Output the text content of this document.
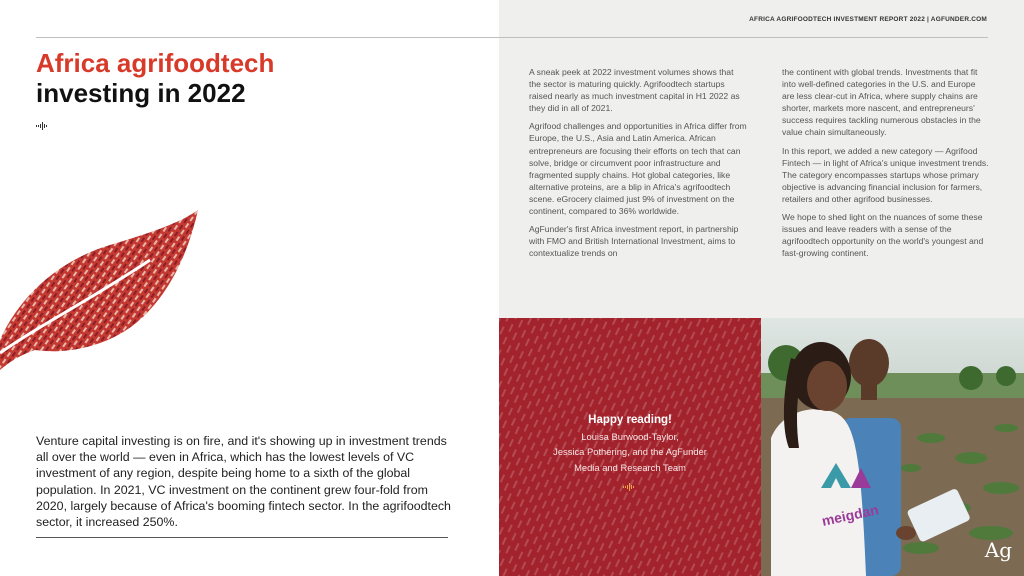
AFRICA AGRIFOODTECH INVESTMENT REPORT 2022 | AGFUNDER.COM
Africa agrifoodtech
investing in 2022
Venture capital investing is on fire, and it's showing up in investment trends all over the world — even in Africa, which has the lowest levels of VC investment of any region, despite being home to a sixth of the global population. In 2021, VC investment on the continent grew four-fold from 2020, largely because of Africa's booming fintech sector. In the agrifoodtech sector, it increased 250%.

A sneak peek at 2022 investment volumes shows that the sector is maturing quickly. Agrifoodtech startups raised nearly as much investment capital in H1 2022 as they did in all of 2021.

Agrifood challenges and opportunities in Africa differ from Europe, the U.S., Asia and Latin America. African entrepreneurs are focusing their efforts on tech that can solve, bridge or circumvent poor infrastructure and fragmented supply chains. Hot global categories, like alternative proteins, are a blip in Africa's agrifoodtech scene. eGrocery claimed just 9% of investment on the continent, compared to 36% worldwide.

AgFunder's first Africa investment report, in partnership with FMO and British International Investment, aims to contextualize trends on

the continent with global trends. Investments that fit into well-defined categories in the U.S. and Europe are less clear-cut in Africa, where supply chains are shorter, markets more nascent, and entrepreneurs' success requires tackling numerous obstacles in the value chain simultaneously.

In this report, we added a new category — Agrifood Fintech — in light of Africa's unique investment trends. The category encompasses startups whose primary objective is advancing financial inclusion for farmers, retailers and other agrifood businesses.

We hope to shed light on the nuances of some these issues and leave readers with a sense of the agrifoodtech opportunity on the world's youngest and fast-growing continent.

Happy reading!
Louisa Burwood-Taylor,
Jessica Pothering, and the AgFunder
Media and Research Team
meigdan
Ag
